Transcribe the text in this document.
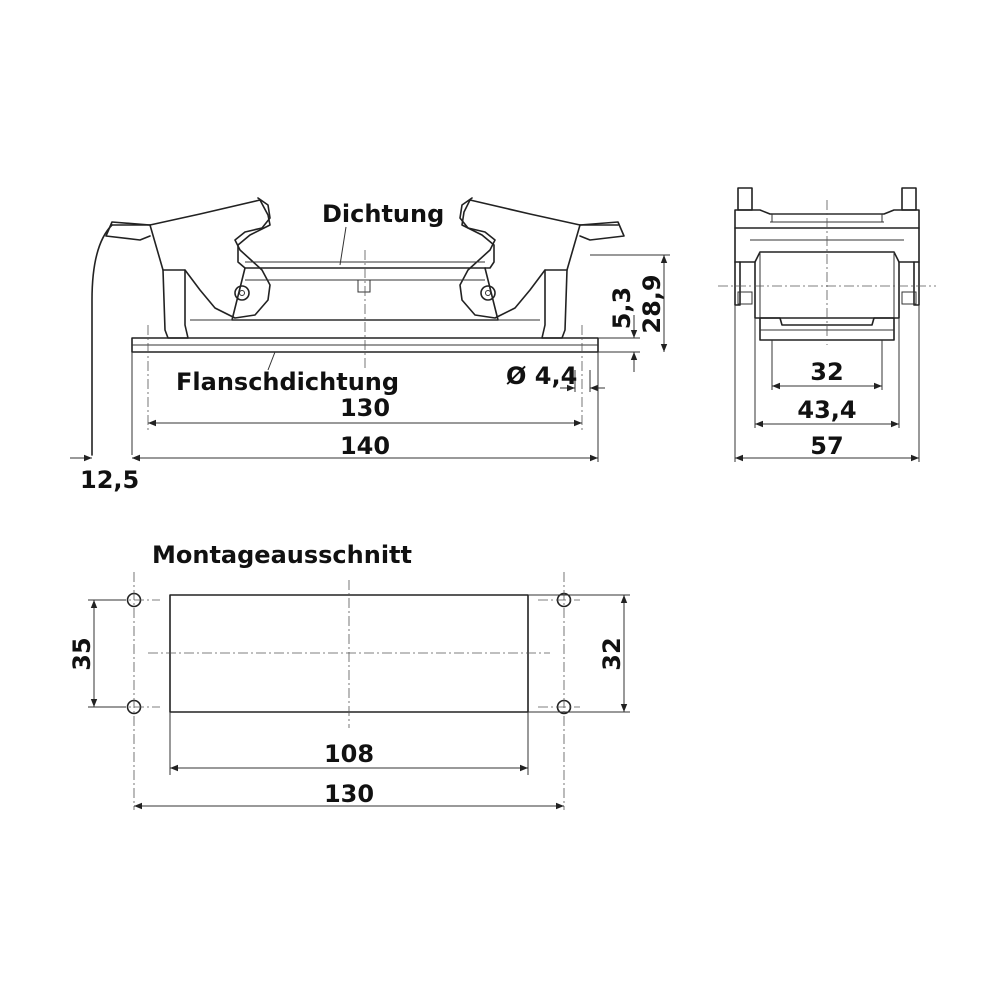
Dichtung
Flanschdichtung	Ø 4,4
130
140
12,5
5,3 28,9
32
43,4
57
Montageausschnitt
35	32
108
130
